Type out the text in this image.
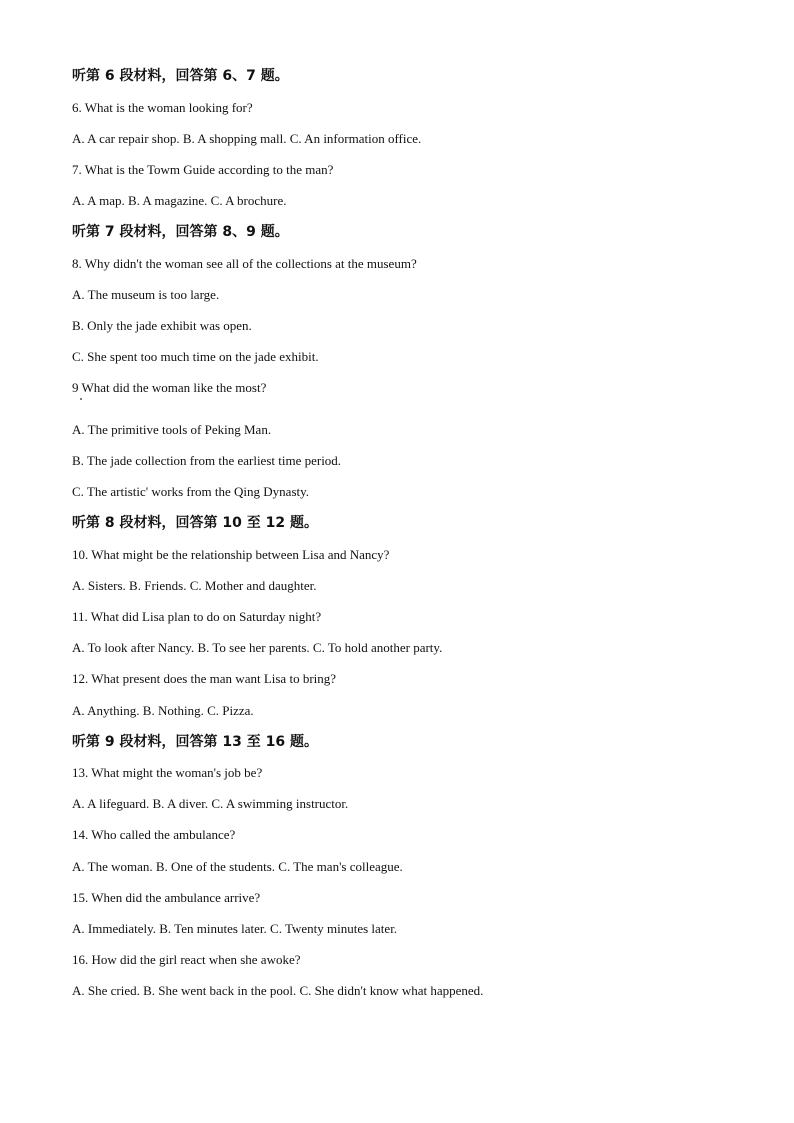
听第 6 段材料，回答第 6、7 题。
6. What is the woman looking for?
A. A car repair shop. B. A shopping mall. C. An information office.
7. What is the Towm Guide according to the man?
A. A map. B. A magazine. C. A brochure.
听第 7 段材料，回答第 8、9 题。
8. Why didn't the woman see all of the collections at the museum?
A. The museum is too large.
B. Only the jade exhibit was open.
C. She spent too much time on the jade exhibit.
9 What did the woman like the most?
A. The primitive tools of Peking Man.
B. The jade collection from the earliest time period.
C. The artistic' works from the Qing Dynasty.
听第 8 段材料，回答第 10 至 12 题。
10. What might be the relationship between Lisa and Nancy?
A. Sisters. B. Friends. C. Mother and daughter.
11. What did Lisa plan to do on Saturday night?
A. To look after Nancy. B. To see her parents. C. To hold another party.
12. What present does the man want Lisa to bring?
A. Anything. B. Nothing. C. Pizza.
听第 9 段材料，回答第 13 至 16 题。
13. What might the woman's job be?
A. A lifeguard. B. A diver. C. A swimming instructor.
14. Who called the ambulance?
A. The woman. B. One of the students. C. The man's colleague.
15. When did the ambulance arrive?
A. Immediately. B. Ten minutes later. C. Twenty minutes later.
16. How did the girl react when she awoke?
A. She cried. B. She went back in the pool. C. She didn't know what happened.
